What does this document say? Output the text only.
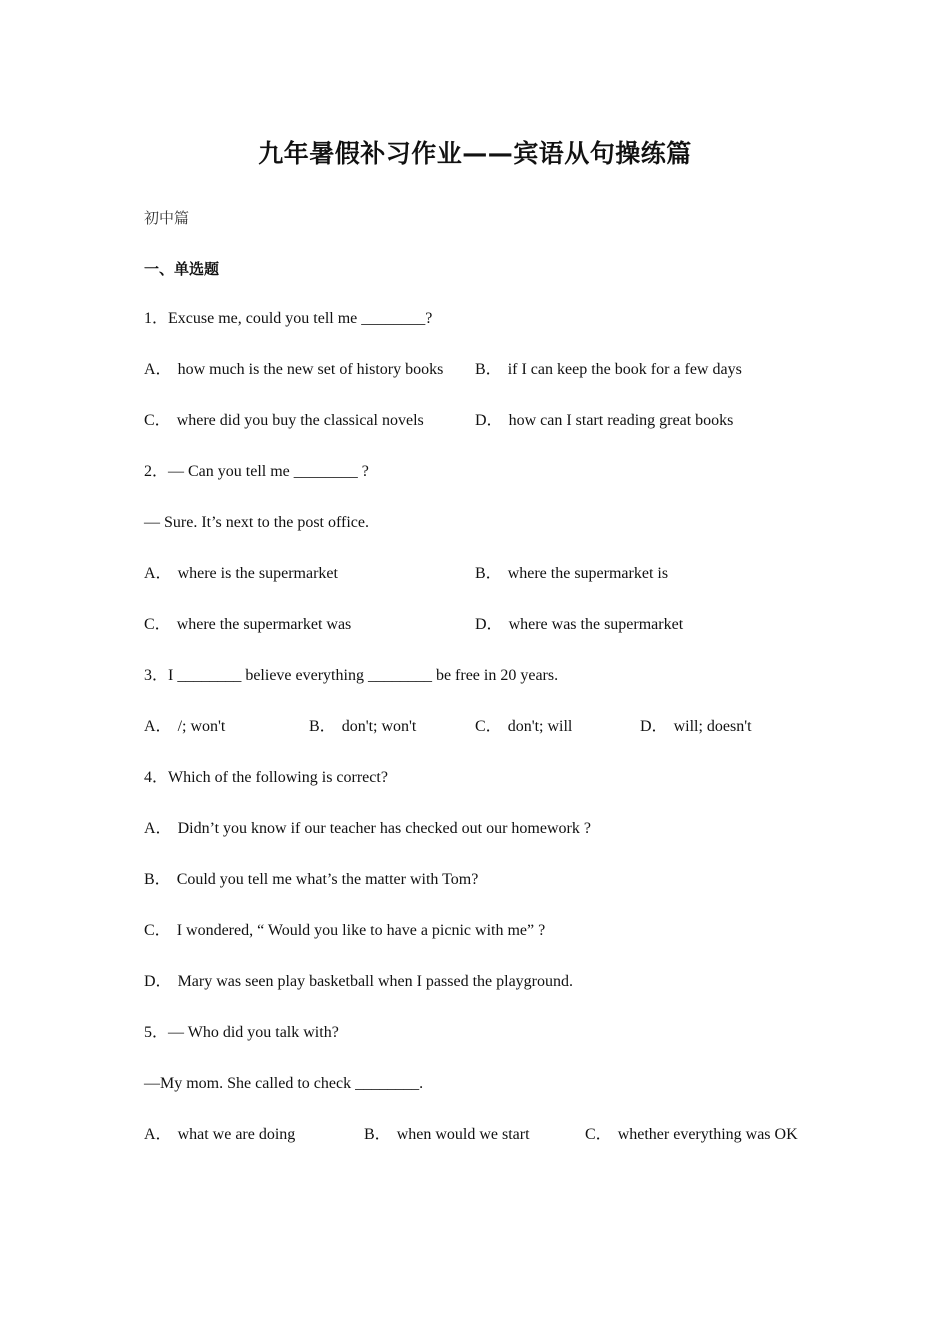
九年暑假补习作业——宾语从句操练篇
初中篇
一、单选题
1．Excuse me, could you tell me ________?
A． how much is the new set of history books B． if I can keep the book for a few days
C． where did you buy the classical novels	D． how can I start reading great books
2．— Can you tell me ________ ?
— Sure. It’s next to the post office.
A． where is the supermarket	B． where the supermarket is
C． where the supermarket was	D． where was the supermarket
3．I ________ believe everything ________ be free in 20 years.
A． /; won't	B． don't; won't	C． don't; will	D． will; doesn't
4．Which of the following is correct?
A． Didn’t you know if our teacher has checked out our homework ?
B． Could you tell me what’s the matter with Tom?
C． I wondered, “ Would you like to have a picnic with me” ?
D． Mary was seen play basketball when I passed the playground.
5．— Who did you talk with?
—My mom. She called to check ________.
A． what we are doing	B． when would we start	C． whether everything was OK
